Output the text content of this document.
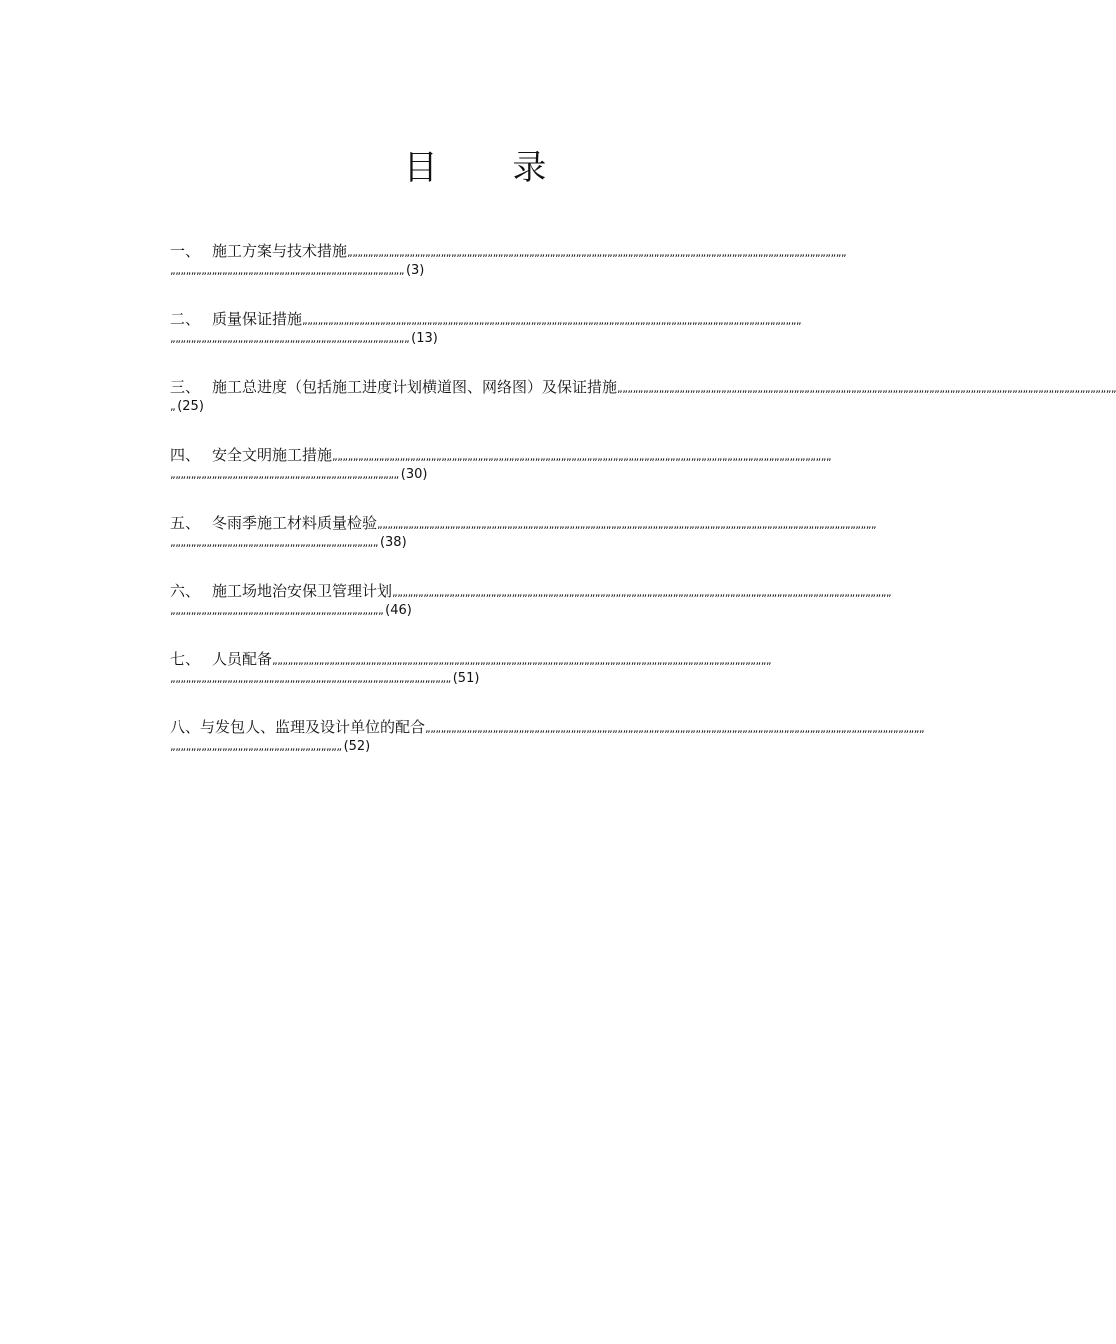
目 录
一、 施工方案与技术措施 „„„„„„„„„„„„„„„„„„„„„„„„„„„„„„„„„„„„„„„„„„„„„„„„„„„„„„„„„„„„„„„„„„„„„„„„„„„„„„„„„„„„„„„„„„„„„„„„
„„„„„„„„„„„„„„„„„„„„„„„„„„„„„„„„„„„„„„„„„„„„„ (3)
二、 质量保证措施 „„„„„„„„„„„„„„„„„„„„„„„„„„„„„„„„„„„„„„„„„„„„„„„„„„„„„„„„„„„„„„„„„„„„„„„„„„„„„„„„„„„„„„„„„„„„„„„„
„„„„„„„„„„„„„„„„„„„„„„„„„„„„„„„„„„„„„„„„„„„„„„ (13)
三、 施工总进度（包括施工进度计划横道图、网络图）及保证措施 „„„„„„„„„„„„„„„„„„„„„„„„„„„„„„„„„„„„„„„„„„„„„„„„„„„„„„„„„„„„„„„„„„„„„„„„„„„„„„„„„„„„„„„„„„„„„„„„
„ (25)
四、 安全文明施工措施 „„„„„„„„„„„„„„„„„„„„„„„„„„„„„„„„„„„„„„„„„„„„„„„„„„„„„„„„„„„„„„„„„„„„„„„„„„„„„„„„„„„„„„„„„„„„„„„„
„„„„„„„„„„„„„„„„„„„„„„„„„„„„„„„„„„„„„„„„„„„„ (30)
五、 冬雨季施工材料质量检验 „„„„„„„„„„„„„„„„„„„„„„„„„„„„„„„„„„„„„„„„„„„„„„„„„„„„„„„„„„„„„„„„„„„„„„„„„„„„„„„„„„„„„„„„„„„„„„„„
„„„„„„„„„„„„„„„„„„„„„„„„„„„„„„„„„„„„„„„„ (38)
六、 施工场地治安保卫管理计划 „„„„„„„„„„„„„„„„„„„„„„„„„„„„„„„„„„„„„„„„„„„„„„„„„„„„„„„„„„„„„„„„„„„„„„„„„„„„„„„„„„„„„„„„„„„„„„„„
„„„„„„„„„„„„„„„„„„„„„„„„„„„„„„„„„„„„„„„„„ (46)
七、 人员配备 „„„„„„„„„„„„„„„„„„„„„„„„„„„„„„„„„„„„„„„„„„„„„„„„„„„„„„„„„„„„„„„„„„„„„„„„„„„„„„„„„„„„„„„„„„„„„„„„
„„„„„„„„„„„„„„„„„„„„„„„„„„„„„„„„„„„„„„„„„„„„„„„„„„„„„„ (51)
八、 与发包人、监理及设计单位的配合 „„„„„„„„„„„„„„„„„„„„„„„„„„„„„„„„„„„„„„„„„„„„„„„„„„„„„„„„„„„„„„„„„„„„„„„„„„„„„„„„„„„„„„„„„„„„„„„„
„„„„„„„„„„„„„„„„„„„„„„„„„„„„„„„„„ (52)
